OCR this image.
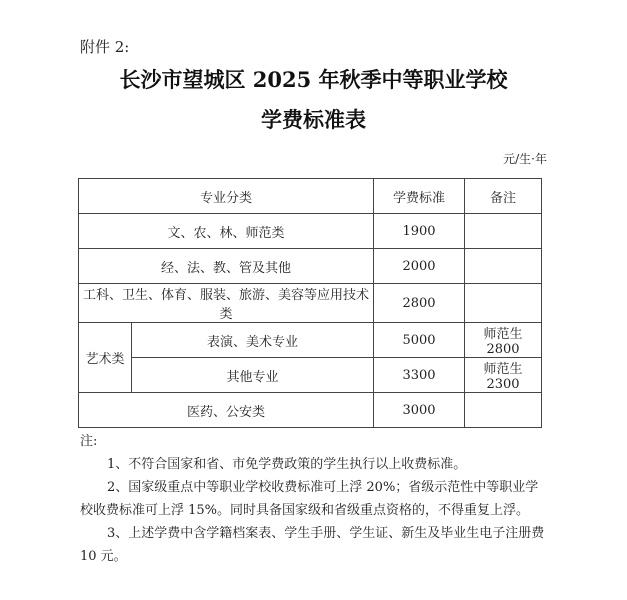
附件 2:
长沙市望城区 2025 年秋季中等职业学校
学费标准表
元/生·年
专业分类		学费标准	备注
文、农、林、师范类		1900	
经、法、教、管及其他		2000	
工科、卫生、体育、服装、旅游、美容等应用技术类		2800	
艺术类	表演、美术专业	5000	师范生 2800
	其他专业	3300	师范生 2300
医药、公安类		3000	

注:

1、不符合国家和省、市免学费政策的学生执行以上收费标准。

2、国家级重点中等职业学校收费标准可上浮 20%；省级示范性中等职业学校收费标准可上浮 15%。同时具备国家级和省级重点资格的，不得重复上浮。

3、上述学费中含学籍档案表、学生手册、学生证、新生及毕业生电子注册费 10 元。
